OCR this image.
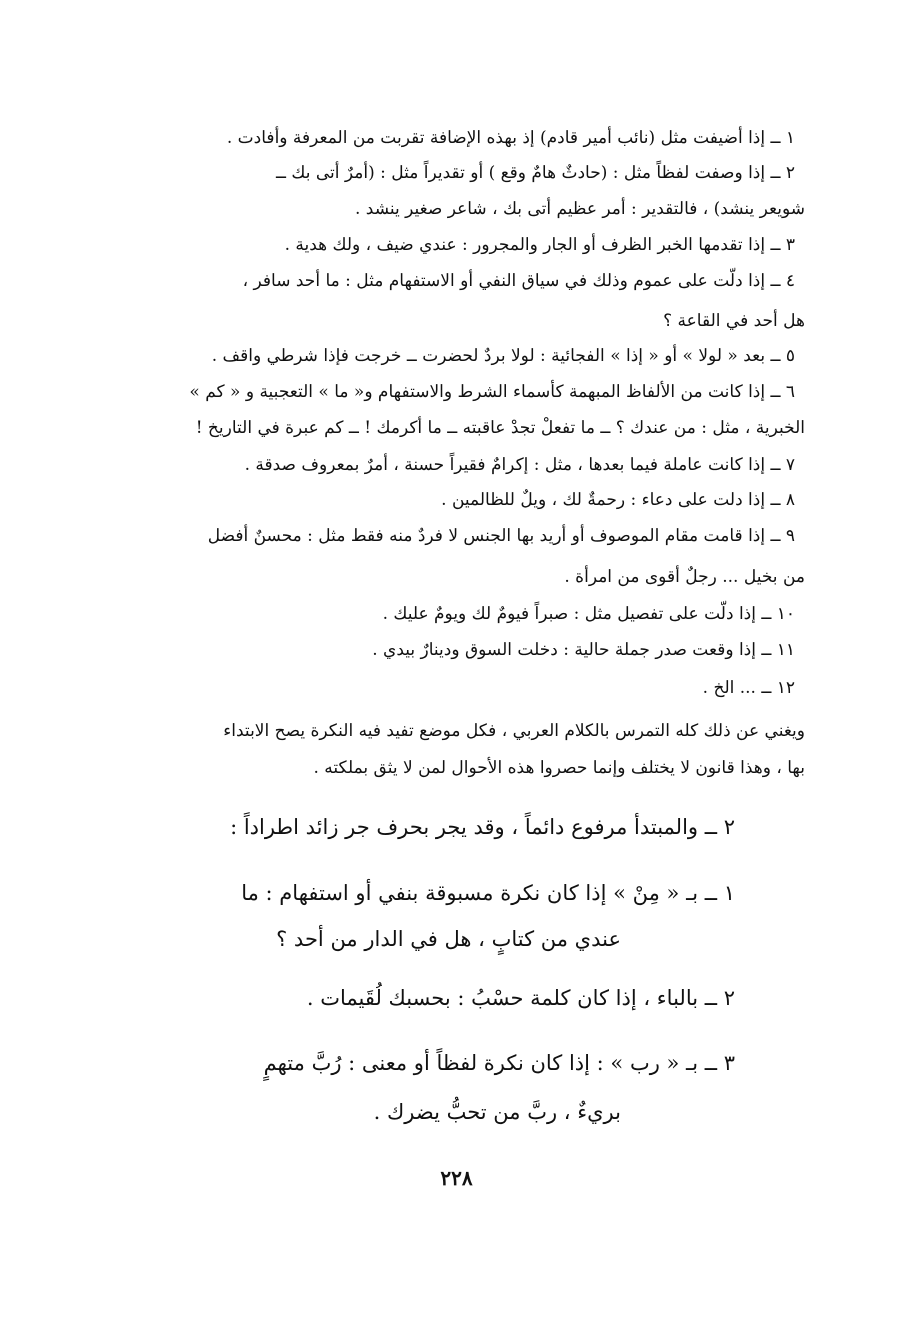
١ ــ إذا أضيفت مثل (نائب أمير قادم) إذ بهذه الإضافة تقربت من المعرفة وأفادت .
٢ ــ إذا وصفت لفظاً مثل : (حادثٌ هامٌ وقع ) أو تقديراً مثل : (أمرٌ أتى بك ــ
شويعر ينشد) ، فالتقدير : أمر عظيم أتى بك ، شاعر صغير ينشد .
٣ ــ إذا تقدمها الخبر الظرف أو الجار والمجرور : عندي ضيف ، ولك هدية .
٤ ــ إذا دلّت على عموم وذلك في سياق النفي أو الاستفهام مثل : ما أحد سافر ،
هل أحد في القاعة ؟
٥ ــ بعد « لولا » أو « إذا » الفجائية : لولا بردٌ لحضرت ــ خرجت فإذا شرطي واقف .
٦ ــ إذا كانت من الألفاظ المبهمة كأسماء الشرط والاستفهام و« ما » التعجبية و « كم »
الخبرية ، مثل : من عندك ؟ ــ ما تفعلْ تجدْ عاقبته ــ ما أكرمك ! ــ كم عبرة في التاريخ !
٧ ــ إذا كانت عاملة فيما بعدها ، مثل : إكرامٌ فقيراً حسنة ، أمرٌ بمعروف صدقة .
٨ ــ إذا دلت على دعاء : رحمةٌ لك ، ويلٌ للظالمين .
٩ ــ إذا قامت مقام الموصوف أو أريد بها الجنس لا فردٌ منه فقط مثل : محسنٌ أفضل
من بخيل ... رجلٌ أقوى من امرأة .
١٠ ــ إذا دلّت على تفصيل مثل : صبراً فيومٌ لك ويومٌ عليك .
١١ ــ إذا وقعت صدر جملة حالية : دخلت السوق ودينارٌ بيدي .
١٢ ــ ... الخ .
ويغني عن ذلك كله التمرس بالكلام العربي ، فكل موضع تفيد فيه النكرة يصح الابتداء
بها ، وهذا قانون لا يختلف وإنما حصروا هذه الأحوال لمن لا يثق بملكته .
٢ ــ والمبتدأ مرفوع دائماً ، وقد يجر بحرف جر زائد اطراداً :
١ ــ بـ « مِنْ » إذا كان نكرة مسبوقة بنفي أو استفهام : ما
عندي من كتابٍ ، هل في الدار من أحد ؟
٢ ــ بالباء ، إذا كان كلمة حسْبُ : بحسبك لُقَيمات .
٣ ــ بـ « رب » : إذا كان نكرة لفظاً أو معنى : رُبَّ متهمٍ
بريءٌ ، ربَّ من تحبُّ يضرك .
٢٢٨
